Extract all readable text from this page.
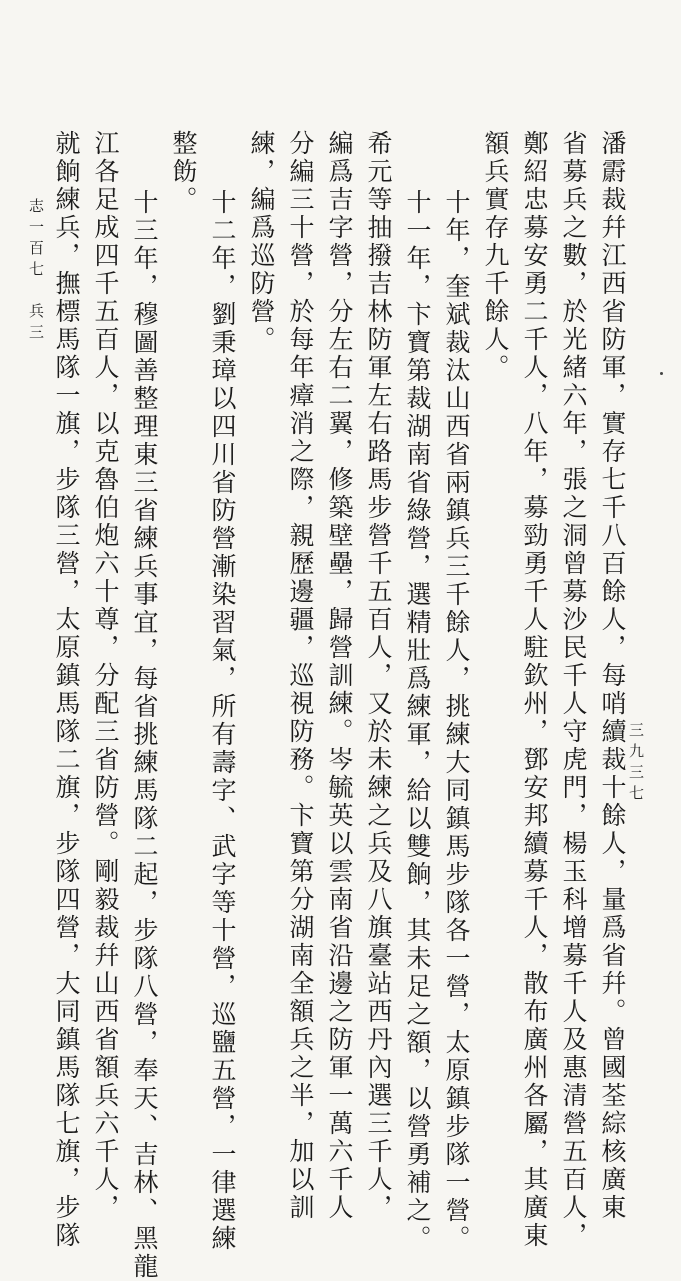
潘霨裁幷江西省防軍，實存七千八百餘人，每哨續裁十餘人，量爲省幷。曾國荃綜核廣東
省募兵之數，於光緒六年，張之洞曾募沙民千人守虎門，楊玉科增募千人及惠清營五百人，
鄭紹忠募安勇二千人，八年，募勁勇千人駐欽州，鄧安邦續募千人，散布廣州各屬，其廣東
額兵實存九千餘人。
十年，奎斌裁汰山西省兩鎮兵三千餘人，挑練大同鎮馬步隊各一營，太原鎮步隊一營。
十一年，卞寶第裁湖南省綠營，選精壯爲練軍，給以雙餉，其未足之額，以營勇補之。
希元等抽撥吉林防軍左右路馬步營千五百人，又於未練之兵及八旗臺站西丹內選三千人，
編爲吉字營，分左右二翼，修築壁壘，歸營訓練。岑毓英以雲南省沿邊之防軍一萬六千人
分編三十營，於每年瘴消之際，親歷邊疆，巡視防務。卞寶第分湖南全額兵之半，加以訓
練，編爲巡防營。
十二年，劉秉璋以四川省防營漸染習氣，所有壽字、武字等十營，巡鹽五營，一律選練
整飭。
十三年，穆圖善整理東三省練兵事宜，每省挑練馬隊二起，步隊八營，奉天、吉林、黑龍
江各足成四千五百人，以克魯伯炮六十尊，分配三省防營。剛毅裁幷山西省額兵六千人，
就餉練兵，撫標馬隊一旗，步隊三營，太原鎮馬隊二旗，步隊四營，大同鎮馬隊七旗，步隊
志一百七　兵三
三九三七
